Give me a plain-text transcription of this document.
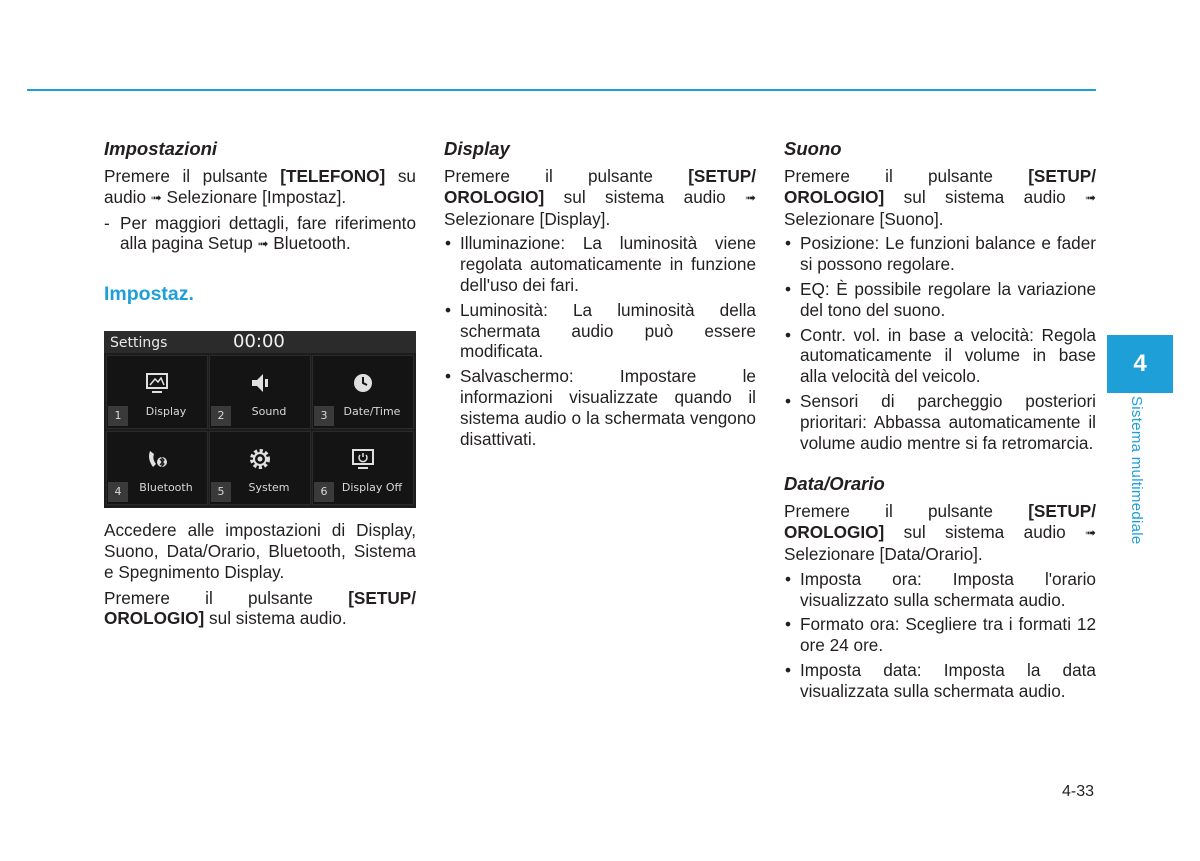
Impostazioni

Premere il pulsante [TELEFONO] su audio ➟ Selezionare [Impostaz].

- Per maggiori dettagli, fare riferimento alla pagina Setup ➟ Bluetooth.
Impostaz.
Settings	00:00
1	Display	2	Sound	3	Date/Time
4	Bluetooth	5	System	6	Display Off

Accedere alle impostazioni di Display, Suono, Data/Orario, Bluetooth, Sistema e Spegnimento Display.

Premere il pulsante [SETUP/ OROLOGIO] sul sistema audio.

Display

Premere il pulsante [SETUP/ OROLOGIO] sul sistema audio ➟ Selezionare [Display].

• Illuminazione: La luminosità viene regolata automaticamente in funzione dell'uso dei fari.
• Luminosità: La luminosità della schermata audio può essere modificata.
• Salvaschermo: Impostare le informazioni visualizzate quando il sistema audio o la schermata vengono disattivati.
Suono

Premere il pulsante [SETUP/ OROLOGIO] sul sistema audio ➟ Selezionare [Suono].

• Posizione: Le funzioni balance e fader si possono regolare.
• EQ: È possibile regolare la variazione del tono del suono.
• Contr. vol. in base a velocità: Regola automaticamente il volume in base alla velocità del veicolo.
• Sensori di parcheggio posteriori prioritari: Abbassa automaticamente il volume audio mentre si fa retromarcia.
Data/Orario

Premere il pulsante [SETUP/ OROLOGIO] sul sistema audio ➟ Selezionare [Data/Orario].

• Imposta ora: Imposta l'orario visualizzato sulla schermata audio.
• Formato ora: Scegliere tra i formati 12 ore 24 ore.
• Imposta data: Imposta la data visualizzata sulla schermata audio.
4
Sistema multimediale
4-33
